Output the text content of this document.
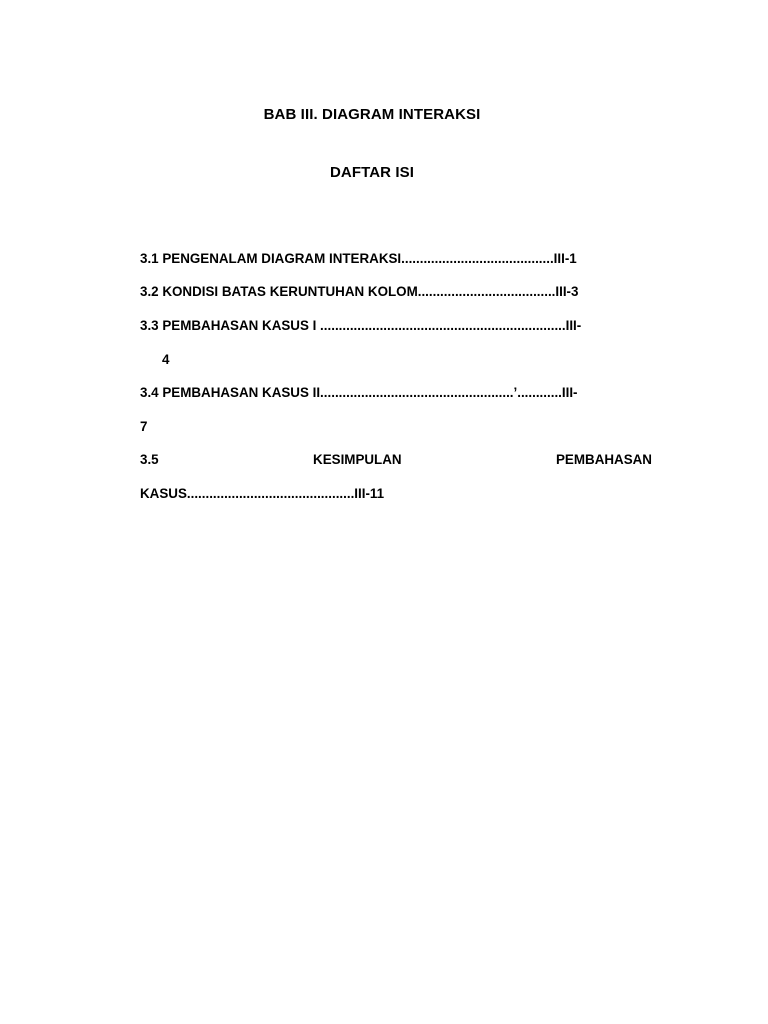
BAB III. DIAGRAM INTERAKSI
DAFTAR ISI
3.1 PENGENALAM DIAGRAM INTERAKSI.........................................III-1
3.2 KONDISI BATAS KERUNTUHAN KOLOM.....................................III-3
3.3 PEMBAHASAN KASUS I ..................................................................III-
4
3.4 PEMBAHASAN KASUS II....................................................’............III-
7
3.5	KESIMPULAN	PEMBAHASAN
KASUS.............................................III-11
